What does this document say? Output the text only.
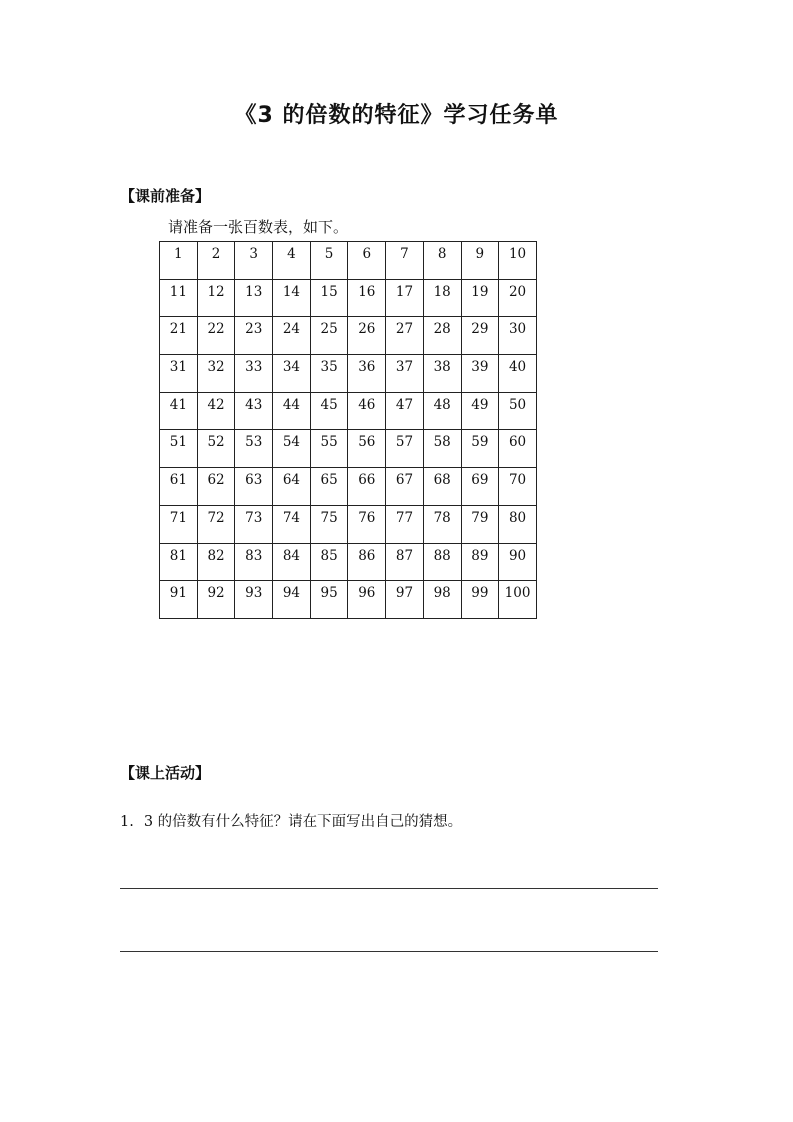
《3 的倍数的特征》学习任务单
【课前准备】

请准备一张百数表，如下。

1	2	3	4	5	6	7	8	9	10
11	12	13	14	15	16	17	18	19	20
21	22	23	24	25	26	27	28	29	30
31	32	33	34	35	36	37	38	39	40
41	42	43	44	45	46	47	48	49	50
51	52	53	54	55	56	57	58	59	60
61	62	63	64	65	66	67	68	69	70
71	72	73	74	75	76	77	78	79	80
81	82	83	84	85	86	87	88	89	90
91	92	93	94	95	96	97	98	99	100
【课上活动】

1. 3 的倍数有什么特征？请在下面写出自己的猜想。
